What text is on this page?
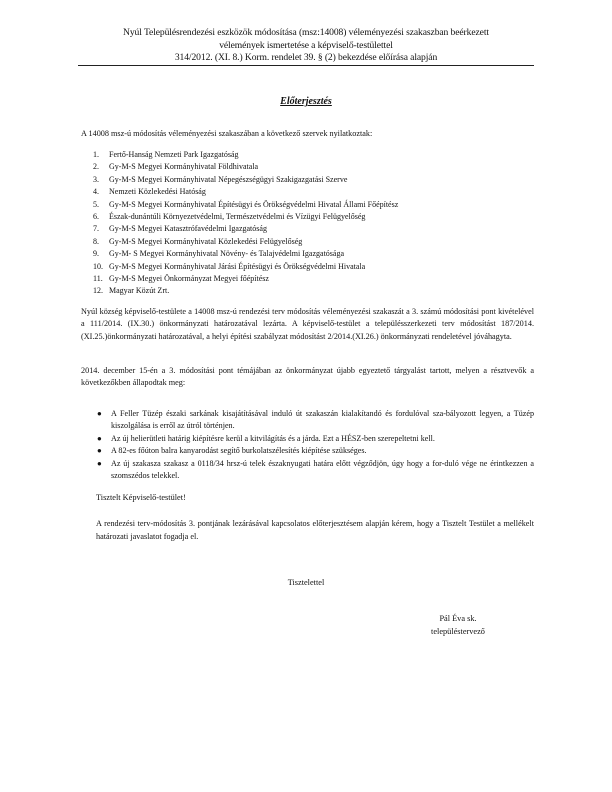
Nyúl Településrendezési eszközök módosítása (msz:14008) véleményezési szakaszban beérkezett
vélemények ismertetése a képviselő-testülettel
314/2012. (XI. 8.) Korm. rendelet 39. § (2) bekezdése előírása alapján
Előterjesztés
A 14008 msz-ú módosítás véleményezési szakaszában a következő szervek nyilatkoztak:
1. Fertő-Hanság Nemzeti Park Igazgatóság
2. Gy-M-S Megyei Kormányhivatal Földhivatala
3. Gy-M-S Megyei Kormányhivatal Népegészségügyi Szakigazgatási Szerve
4. Nemzeti Közlekedési Hatóság
5. Gy-M-S Megyei Kormányhivatal Építésügyi és Örökségvédelmi Hivatal Állami Főépítész
6. Észak-dunántúli Környezetvédelmi, Természetvédelmi és Vízügyi Felügyelőség
7. Gy-M-S Megyei Katasztrófavédelmi Igazgatóság
8. Gy-M-S Megyei Kormányhivatal Közlekedési Felügyelőség
9. Gy-M- S Megyei Kormányhivatal Növény- és Talajvédelmi Igazgatósága
10. Gy-M-S Megyei Kormányhivatal Járási Építésügyi és Örökségvédelmi Hivatala
11. Gy-M-S Megyei Önkormányzat Megyei főépítész
12. Magyar Közút Zrt.
Nyúl község képviselő-testülete a 14008 msz-ú rendezési terv módosítás véleményezési szakaszát a 3. számú módosítási pont kivételével a 111/2014. (IX.30.) önkormányzati határozatával lezárta. A képviselő-testület a településszerkezeti terv módosítást 187/2014.(XI.25.)önkormányzati határozatával, a helyi építési szabályzat módosítást 2/2014.(XI.26.) önkormányzati rendeletével jóváhagyta.
2014. december 15-én a 3. módosítási pont témájában az önkormányzat újabb egyeztető tárgyalást tartott, melyen a résztvevők a következőkben állapodtak meg:
● A Feller Tüzép északi sarkának kisajátításával induló út szakaszán kialakítandó és fordulóval sza-bályozott legyen, a Tüzép kiszolgálása is erről az útról történjen.
● Az új helierütleti határig kiépítésre kerül a kitvilágítás és a járda. Ezt a HÉSZ-ben szerepeltetni kell.
● A 82-es főúton balra kanyarodást segítő burkolatszélesítés kiépítése szükséges.
● Az új szakasza szakasz a 0118/34 hrsz-ú telek északnyugati határa előtt végződjön, úgy hogy a for-duló vége ne érintkezzen a szomszédos telekkel.
Tisztelt Képviselő-testület!
A rendezési terv-módosítás 3. pontjának lezárásával kapcsolatos előterjesztésem alapján kérem, hogy a Tisztelt Testület a mellékelt határozati javaslatot fogadja el.
Tisztelettel
Pál Éva sk.
településtervező
